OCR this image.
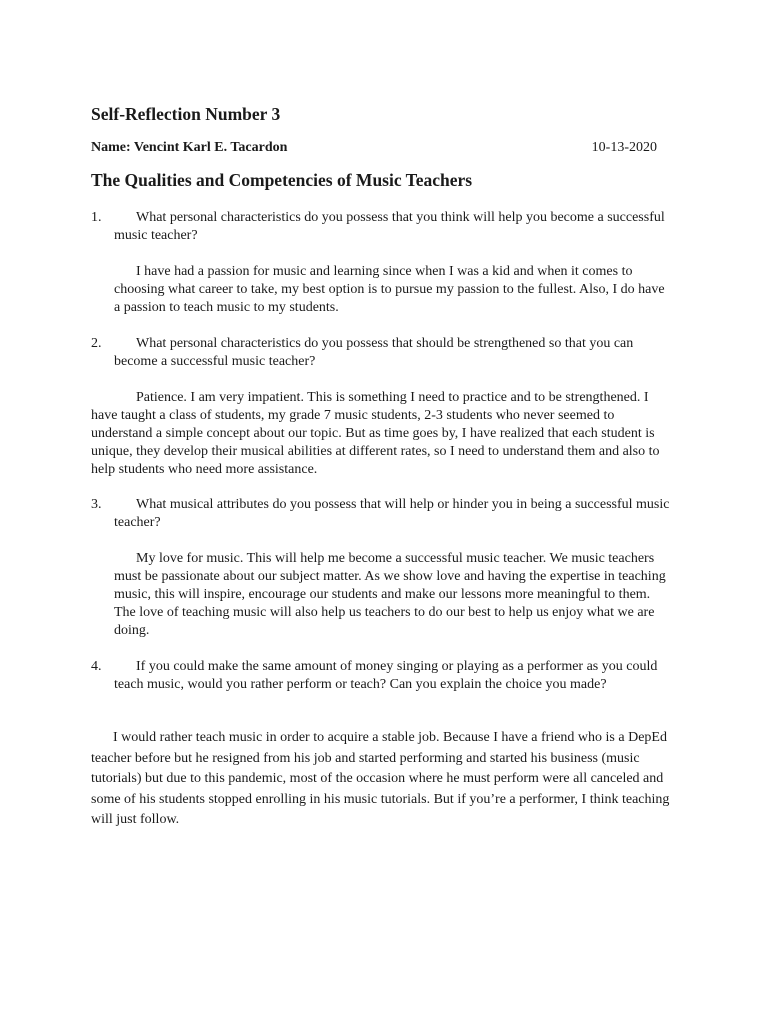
Self-Reflection Number 3
Name: Vencint Karl E. Tacardon	10-13-2020
The Qualities and Competencies of Music Teachers
1.	What personal characteristics do you possess that you think will help you become a successful music teacher?
I have had a passion for music and learning since when I was a kid and when it comes to choosing what career to take, my best option is to pursue my passion to the fullest. Also, I do have a passion to teach music to my students.
2.	What personal characteristics do you possess that should be strengthened so that you can become a successful music teacher?
Patience. I am very impatient. This is something I need to practice and to be strengthened. I have taught a class of students, my grade 7 music students, 2-3 students who never seemed to understand a simple concept about our topic. But as time goes by, I have realized that each student is unique, they develop their musical abilities at different rates, so I need to understand them and also to help students who need more assistance.
3.	What musical attributes do you possess that will help or hinder you in being a successful music teacher?
My love for music. This will help me become a successful music teacher. We music teachers must be passionate about our subject matter. As we show love and having the expertise in teaching music, this will inspire, encourage our students and make our lessons more meaningful to them. The love of teaching music will also help us teachers to do our best to help us enjoy what we are doing.
4.	If you could make the same amount of money singing or playing as a performer as you could teach music, would you rather perform or teach? Can you explain the choice you made?
I would rather teach music in order to acquire a stable job. Because I have a friend who is a DepEd teacher before but he resigned from his job and started performing and started his business (music tutorials) but due to this pandemic, most of the occasion where he must perform were all canceled and some of his students stopped enrolling in his music tutorials. But if you’re a performer, I think teaching will just follow.
